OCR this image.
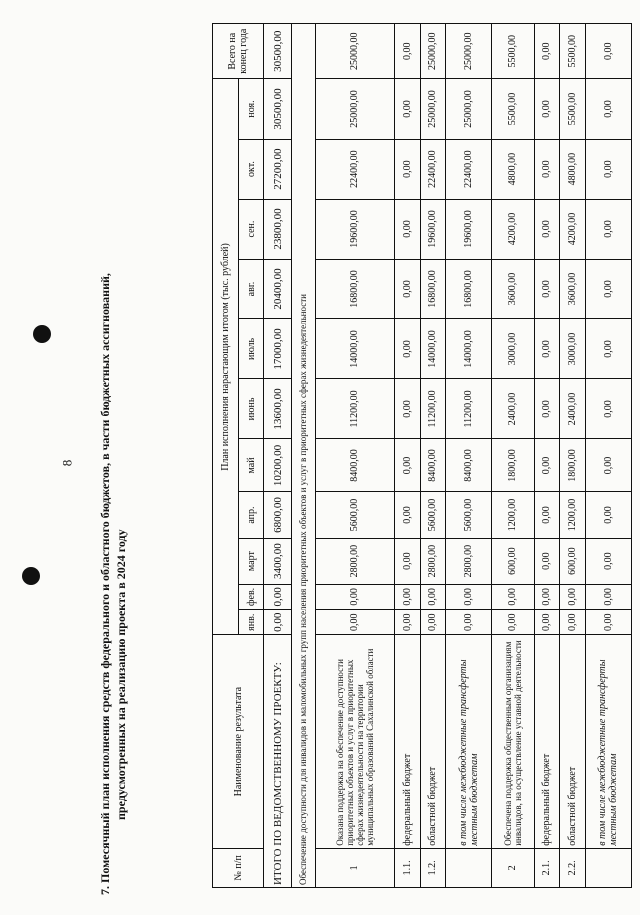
8 7. Помесячный план исполнения средств федерального и областного бюджетов, в части бюджетных ассигнований, предусмотренных на реализацию проекта в 2024 году
№ п/п	Наименование результата	План исполнения нарастающим итогом (тыс. рублей)											Всего на конец года
		янв.	фев.	март	апр.	май	июнь	июль	авг.	сен.	окт.	ноя.	
ИТОГО ПО ВЕДОМСТВЕННОМУ ПРОЕКТУ:		0,00	0,00	3400,00	6800,00	10200,00	13600,00	17000,00	20400,00	23800,00	27200,00	30500,00	30500,00
Обеспечение доступности для инвалидов и маломобильных групп населения приоритетных объектов и услуг в приоритетных сферах жизнедеятельности													
1	Оказана поддержка на обеспечение доступности приоритетных объектов и услуг в приоритетных сферах жизнедеятельности на территории муниципальных образований Сахалинской области	0,00	0,00	2800,00	5600,00	8400,00	11200,00	14000,00	16800,00	19600,00	22400,00	25000,00	25000,00
1.1.	федеральный бюджет	0,00	0,00	0,00	0,00	0,00	0,00	0,00	0,00	0,00	0,00	0,00	0,00
1.2.	областной бюджет	0,00	0,00	2800,00	5600,00	8400,00	11200,00	14000,00	16800,00	19600,00	22400,00	25000,00	25000,00
	в том числе межбюджетные трансферты местным бюджетам	0,00	0,00	2800,00	5600,00	8400,00	11200,00	14000,00	16800,00	19600,00	22400,00	25000,00	25000,00
2	Обеспечена поддержка общественным организациям инвалидов, на осуществление уставной деятельности	0,00	0,00	600,00	1200,00	1800,00	2400,00	3000,00	3600,00	4200,00	4800,00	5500,00	5500,00
2.1.	федеральный бюджет	0,00	0,00	0,00	0,00	0,00	0,00	0,00	0,00	0,00	0,00	0,00	0,00
2.2.	областной бюджет	0,00	0,00	600,00	1200,00	1800,00	2400,00	3000,00	3600,00	4200,00	4800,00	5500,00	5500,00
	в том числе межбюджетные трансферты местным бюджетам	0,00	0,00	0,00	0,00	0,00	0,00	0,00	0,00	0,00	0,00	0,00	0,00
